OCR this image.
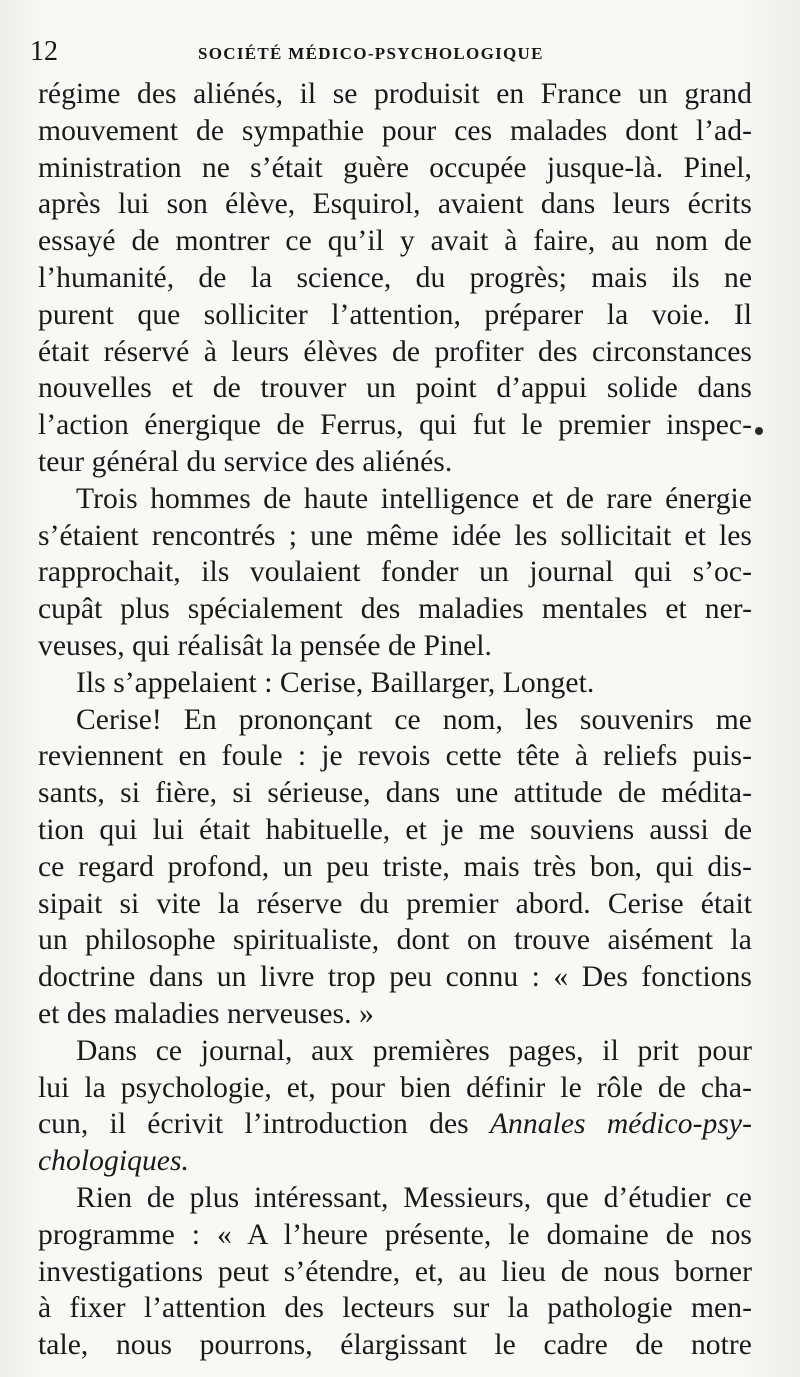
12	SOCIÉTÉ MÉDICO-PSYCHOLOGIQUE
régime des aliénés, il se produisit en France un grand
mouvement de sympathie pour ces malades dont l’ad-
ministration ne s’était guère occupée jusque-là. Pinel,
après lui son élève, Esquirol, avaient dans leurs écrits
essayé de montrer ce qu’il y avait à faire, au nom de
l’humanité, de la science, du progrès; mais ils ne
purent que solliciter l’attention, préparer la voie. Il
était réservé à leurs élèves de profiter des circonstances
nouvelles et de trouver un point d’appui solide dans
l’action énergique de Ferrus, qui fut le premier inspec-
teur général du service des aliénés.
Trois hommes de haute intelligence et de rare énergie
s’étaient rencontrés ; une même idée les sollicitait et les
rapprochait, ils voulaient fonder un journal qui s’oc-
cupât plus spécialement des maladies mentales et ner-
veuses, qui réalisât la pensée de Pinel.
Ils s’appelaient : Cerise, Baillarger, Longet.
Cerise! En prononçant ce nom, les souvenirs me
reviennent en foule : je revois cette tête à reliefs puis-
sants, si fière, si sérieuse, dans une attitude de médita-
tion qui lui était habituelle, et je me souviens aussi de
ce regard profond, un peu triste, mais très bon, qui dis-
sipait si vite la réserve du premier abord. Cerise était
un philosophe spiritualiste, dont on trouve aisément la
doctrine dans un livre trop peu connu : « Des fonctions
et des maladies nerveuses. »
Dans ce journal, aux premières pages, il prit pour
lui la psychologie, et, pour bien définir le rôle de cha-
cun, il écrivit l’introduction des Annales médico-psy-
chologiques.
Rien de plus intéressant, Messieurs, que d’étudier ce
programme : « A l’heure présente, le domaine de nos
investigations peut s’étendre, et, au lieu de nous borner
à fixer l’attention des lecteurs sur la pathologie men-
tale, nous pourrons, élargissant le cadre de notre
